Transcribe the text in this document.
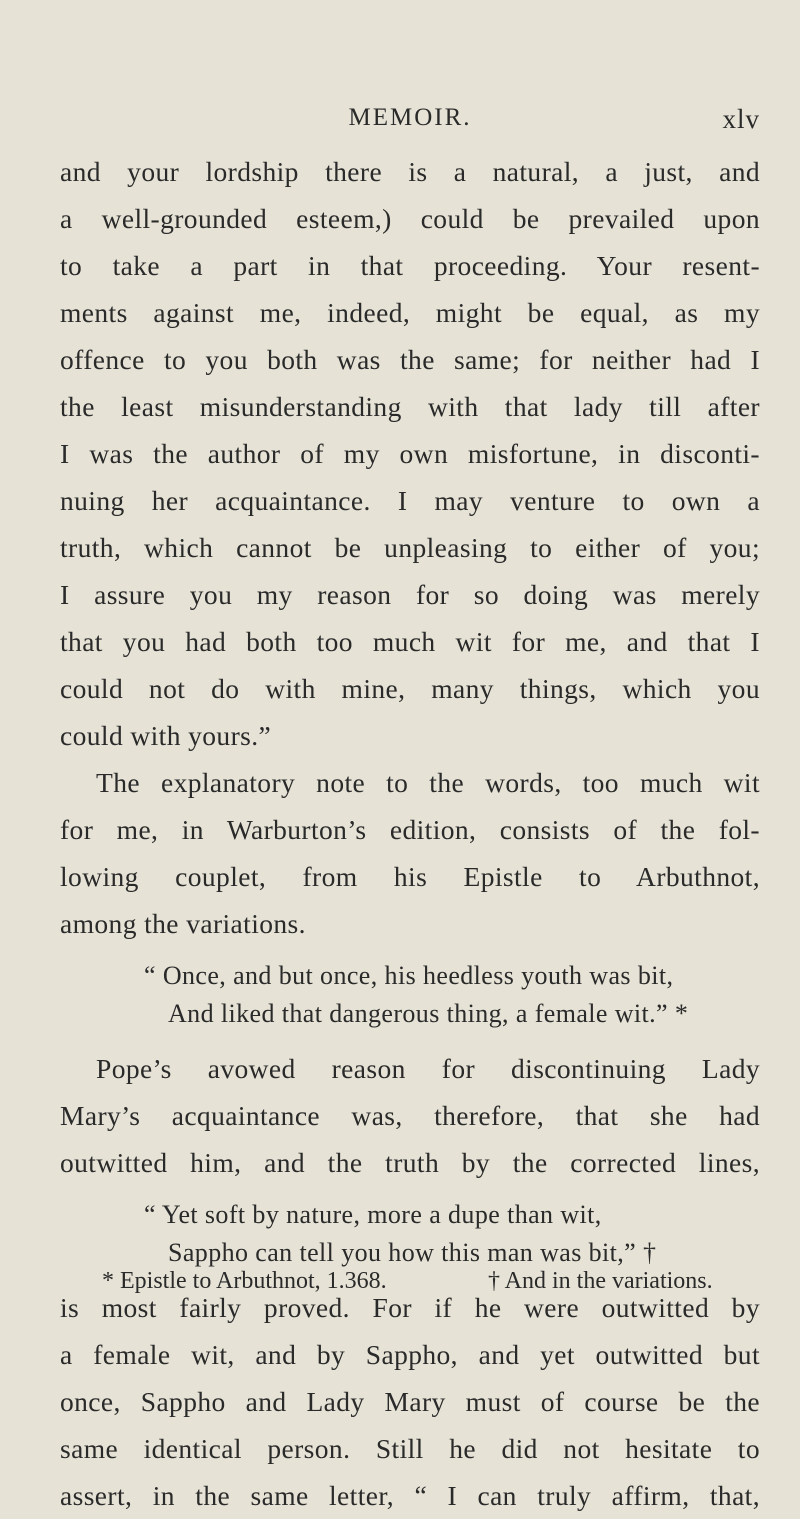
MEMOIR.	xlv
and your lordship there is a natural, a just, and
a well-grounded esteem,) could be prevailed upon
to take a part in that proceeding. Your resent-
ments against me, indeed, might be equal, as my
offence to you both was the same; for neither had I
the least misunderstanding with that lady till after
I was the author of my own misfortune, in disconti-
nuing her acquaintance. I may venture to own a
truth, which cannot be unpleasing to either of you;
I assure you my reason for so doing was merely
that you had both too much wit for me, and that I
could not do with mine, many things, which you
could with yours.”
The explanatory note to the words, too much wit
for me, in Warburton’s edition, consists of the fol-
lowing couplet, from his Epistle to Arbuthnot,
among the variations.
“ Once, and but once, his heedless youth was bit,
And liked that dangerous thing, a female wit.” *
Pope’s avowed reason for discontinuing Lady
Mary’s acquaintance was, therefore, that she had
outwitted him, and the truth by the corrected lines,
“ Yet soft by nature, more a dupe than wit,
Sappho can tell you how this man was bit,” †
is most fairly proved. For if he were outwitted by
a female wit, and by Sappho, and yet outwitted but
once, Sappho and Lady Mary must of course be the
same identical person. Still he did not hesitate to
assert, in the same letter, “ I can truly affirm, that,
* Epistle to Arbuthnot, 1.368.	† And in the variations.
